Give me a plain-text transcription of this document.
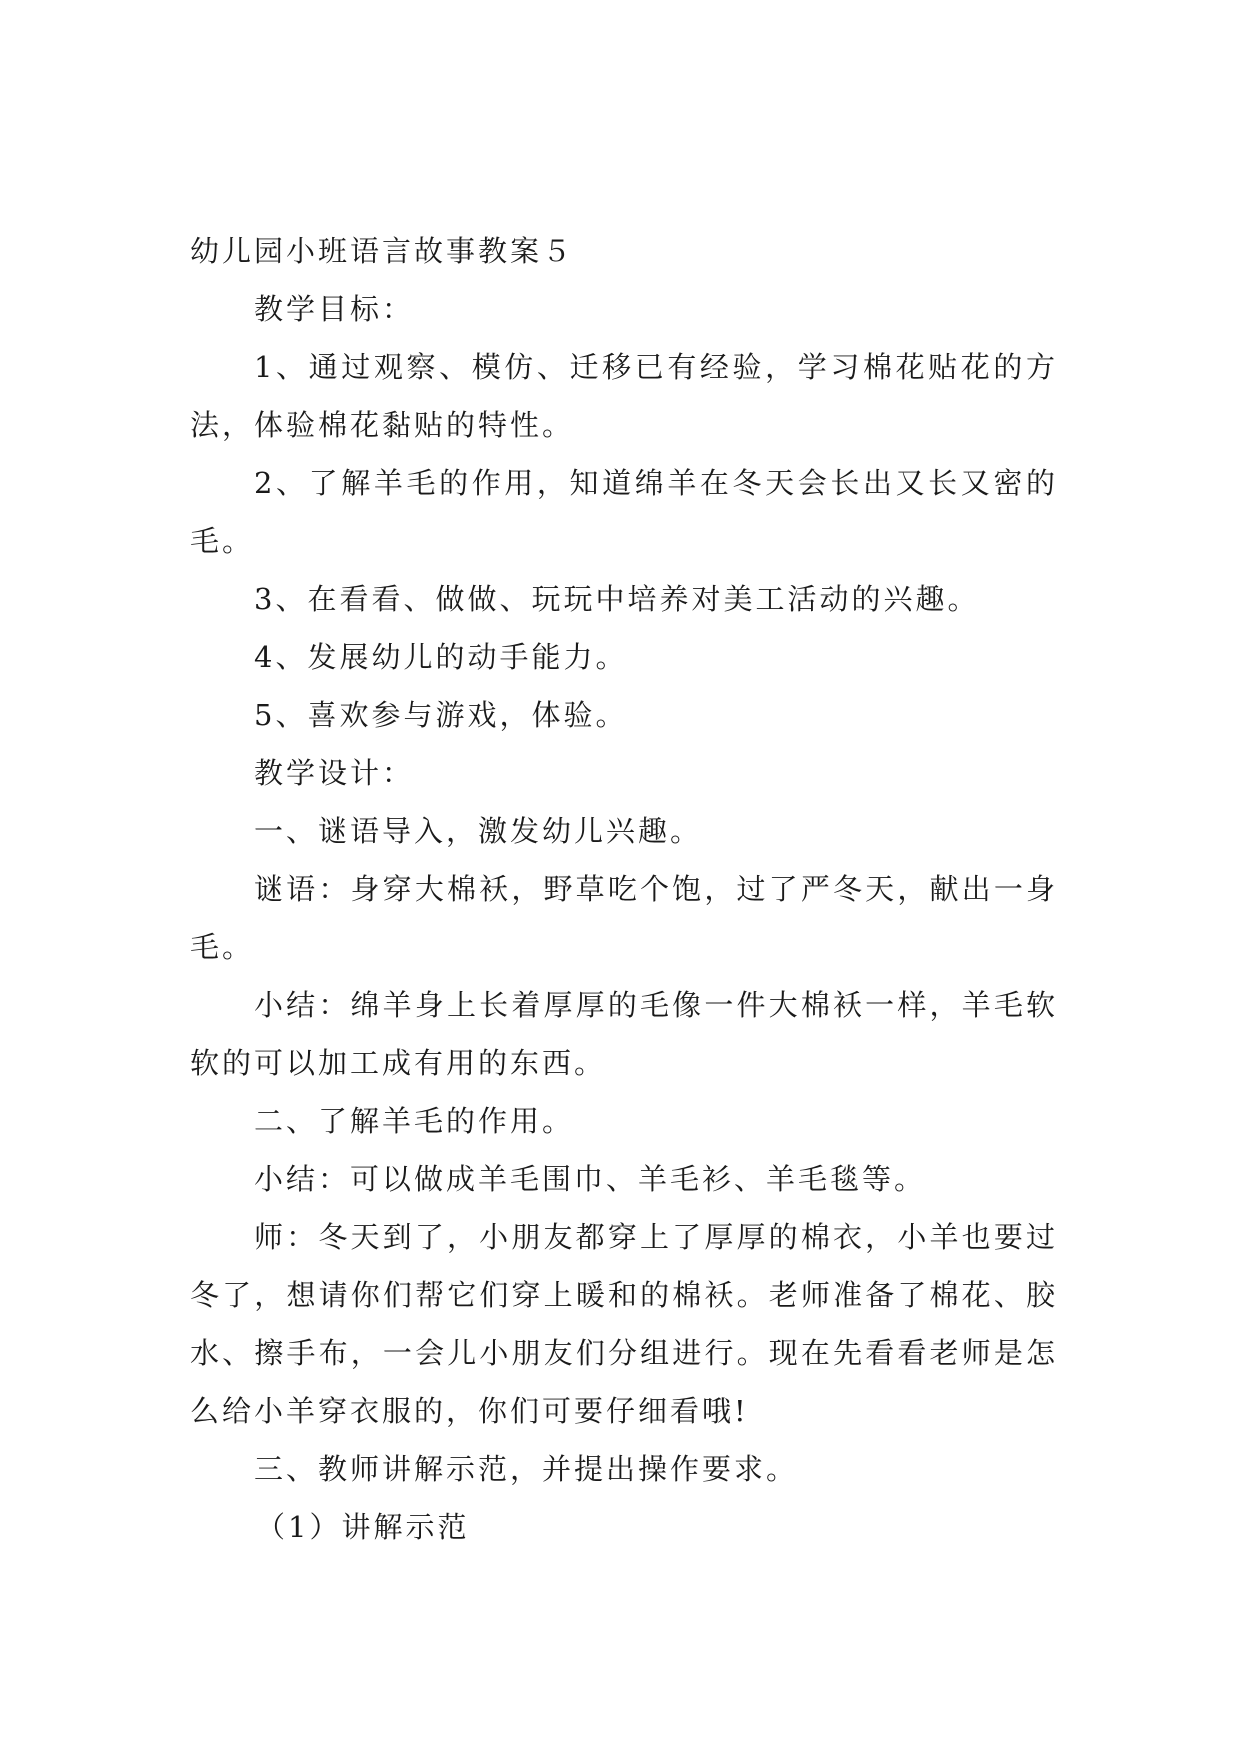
幼儿园小班语言故事教案５

教学目标：

1、通过观察、模仿、迁移已有经验，学习棉花贴花的方法，体验棉花黏贴的特性。

2、了解羊毛的作用，知道绵羊在冬天会长出又长又密的毛。

3、在看看、做做、玩玩中培养对美工活动的兴趣。

4、发展幼儿的动手能力。

5、喜欢参与游戏，体验。

教学设计：

一、谜语导入，激发幼儿兴趣。

谜语：身穿大棉袄，野草吃个饱，过了严冬天，献出一身毛。

小结：绵羊身上长着厚厚的毛像一件大棉袄一样，羊毛软软的可以加工成有用的东西。

二、了解羊毛的作用。

小结：可以做成羊毛围巾、羊毛衫、羊毛毯等。

师：冬天到了，小朋友都穿上了厚厚的棉衣，小羊也要过冬了，想请你们帮它们穿上暖和的棉袄。老师准备了棉花、胶水、擦手布，一会儿小朋友们分组进行。现在先看看老师是怎么给小羊穿衣服的，你们可要仔细看哦!

三、教师讲解示范，并提出操作要求。

（1）讲解示范
